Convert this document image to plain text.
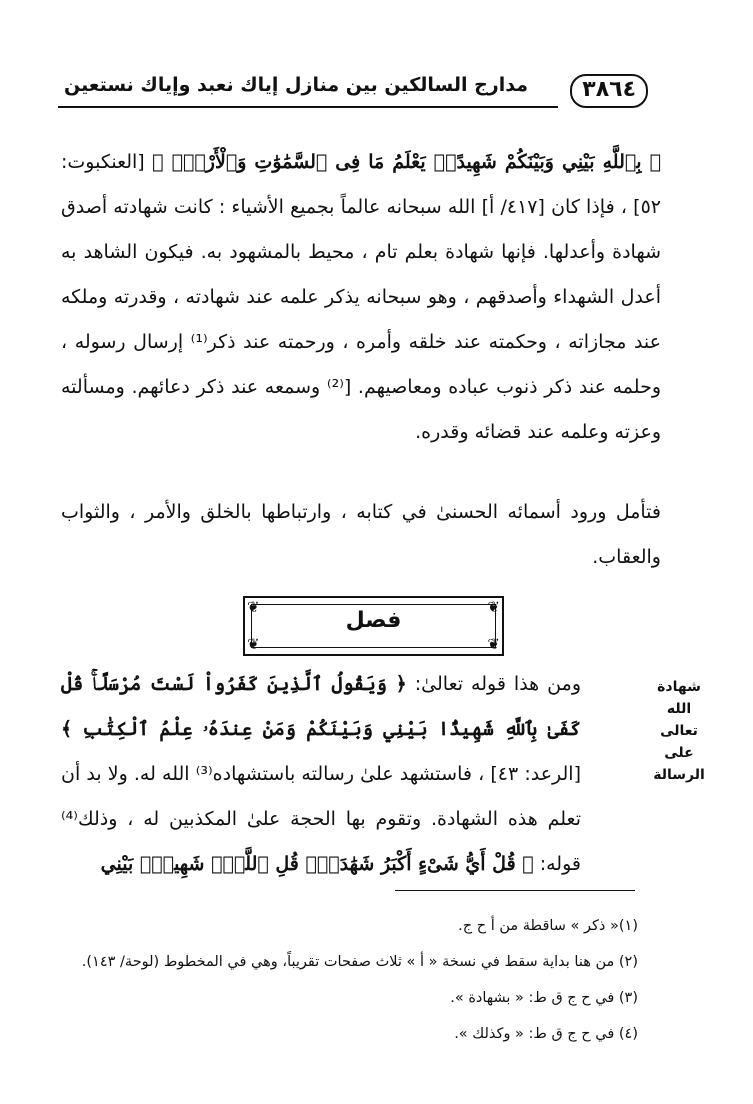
٣٨٦٤
مدارج السالكين بين منازل إياك نعبد وإياك نستعين
﴿ بِٱللَّهِ بَيْنِي وَبَيْنَكُمْ شَهِيدًاۖ يَعْلَمُ مَا فِى ٱلسَّمَٰوَٰتِ وَٱلْأَرْضِۗ ﴾ [العنكبوت: ٥٢] ، فإذا كان [٤١٧/ أ] الله سبحانه عالماً بجميع الأشياء : كانت شهادته أصدق شهادة وأعدلها. فإنها شهادة بعلم تام ، محيط بالمشهود به. فيكون الشاهد به أعدل الشهداء وأصدقهم ، وهو سبحانه يذكر علمه عند شهادته ، وقدرته وملكه عند مجازاته ، وحكمته عند خلقه وأمره ، ورحمته عند ذكر⁽¹⁾ إرسال رسوله ، وحلمه عند ذكر ذنوب عباده ومعاصيهم. [⁽²⁾ وسمعه عند ذكر دعائهم. ومسألته وعزته وعلمه عند قضائه وقدره.
فتأمل ورود أسمائه الحسنىٰ في كتابه ، وارتباطها بالخلق والأمر ، والثواب والعقاب.
❦	❦
❦	❦
فصل
شهادة الله تعالى على الرسالة
ومن هذا قوله تعالىٰ: ﴿ وَيَقُولُ ٱلَّذِينَ كَفَرُواْ لَسْتَ مُرْسَلًاۚ قُلْ كَفَىٰ بِٱللَّهِ شَهِيدًۢا بَيْنِي وَبَيْنَكُمْ وَمَنْ عِندَهُۥ عِلْمُ ٱلْكِتَٰبِ ﴾ [الرعد: ٤٣] ، فاستشهد علىٰ رسالته باستشهاده⁽³⁾ الله له. ولا بد أن تعلم هذه الشهادة. وتقوم بها الحجة علىٰ المكذبين له ، وذلك⁽⁴⁾ قوله: ﴿ قُلْ أَيُّ شَىْءٍ أَكْبَرُ شَهَٰدَةًۖ قُلِ ٱللَّهُۖ شَهِيدٌۢ بَيْنِي
(١)« ذكر » ساقطة من أ ح ج.
(٢) من هنا بداية سقط في نسخة « أ » ثلاث صفحات تقريباً، وهي في المخطوط (لوحة/ ١٤٣).
(٣) في ح ج ق ط: « بشهادة ».
(٤) في ح ج ق ط: « وكذلك ».
